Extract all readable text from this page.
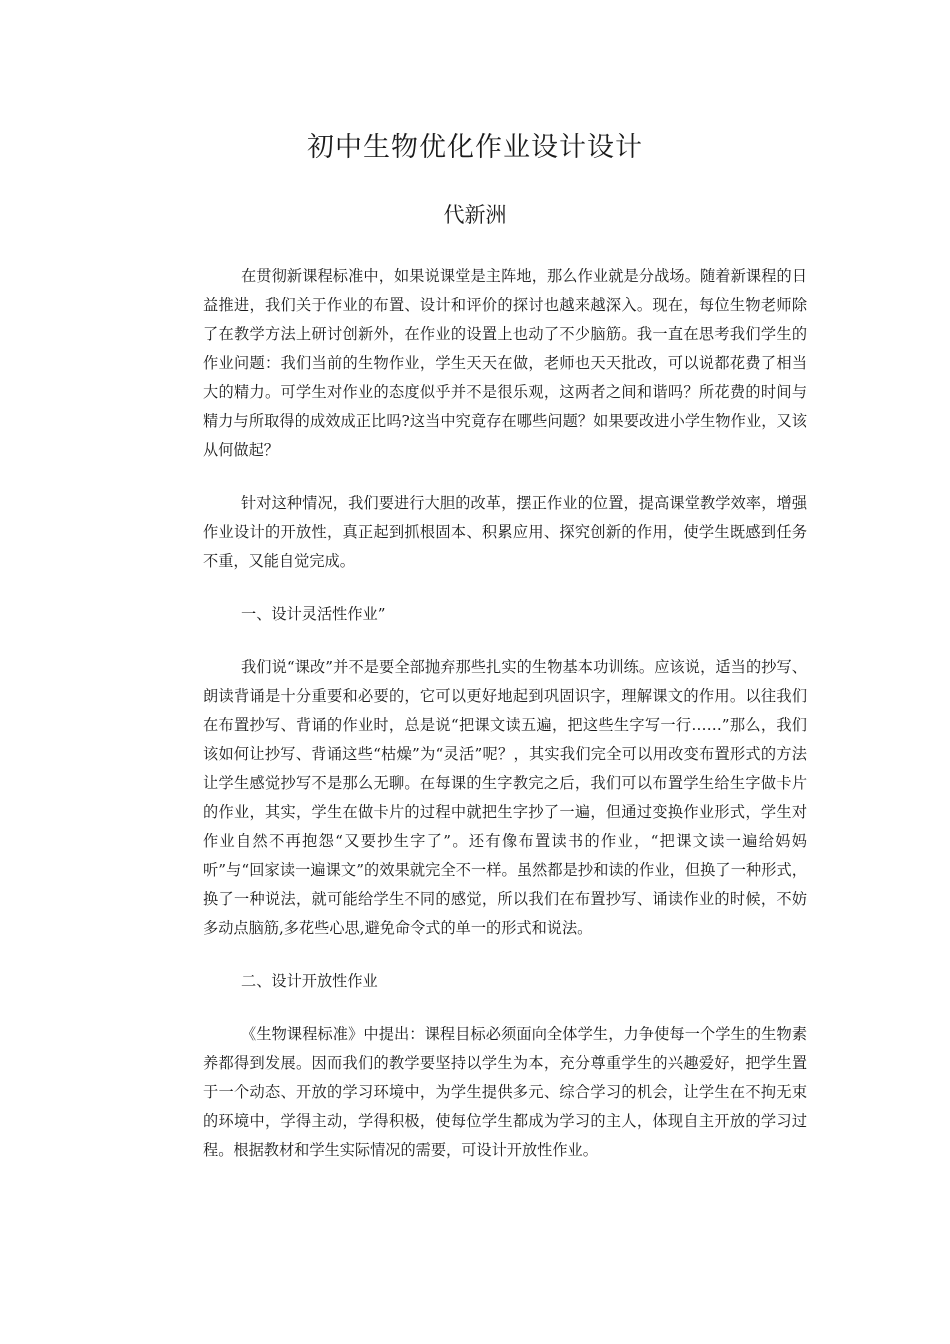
初中生物优化作业设计设计
代新洲

在贯彻新课程标准中，如果说课堂是主阵地，那么作业就是分战场。随着新课程的日益推进，我们关于作业的布置、设计和评价的探讨也越来越深入。现在，每位生物老师除了在教学方法上研讨创新外，在作业的设置上也动了不少脑筋。我一直在思考我们学生的作业问题：我们当前的生物作业，学生天天在做，老师也天天批改，可以说都花费了相当大的精力。可学生对作业的态度似乎并不是很乐观，这两者之间和谐吗？所花费的时间与精力与所取得的成效成正比吗?这当中究竟存在哪些问题？如果要改进小学生物作业，又该从何做起？

针对这种情况，我们要进行大胆的改革，摆正作业的位置，提高课堂教学效率，增强作业设计的开放性，真正起到抓根固本、积累应用、探究创新的作用，使学生既感到任务不重，又能自觉完成。

一、设计灵活性作业”

我们说“课改”并不是要全部抛弃那些扎实的生物基本功训练。应该说，适当的抄写、朗读背诵是十分重要和必要的，它可以更好地起到巩固识字，理解课文的作用。以往我们在布置抄写、背诵的作业时，总是说“把课文读五遍，把这些生字写一行……”那么，我们该如何让抄写、背诵这些“枯燥”为“灵活”呢？，其实我们完全可以用改变布置形式的方法让学生感觉抄写不是那么无聊。在每课的生字教完之后，我们可以布置学生给生字做卡片的作业，其实，学生在做卡片的过程中就把生字抄了一遍，但通过变换作业形式，学生对作业自然不再抱怨“又要抄生字了”。还有像布置读书的作业，“把课文读一遍给妈妈听”与“回家读一遍课文”的效果就完全不一样。虽然都是抄和读的作业，但换了一种形式，换了一种说法，就可能给学生不同的感觉，所以我们在布置抄写、诵读作业的时候，不妨多动点脑筋,多花些心思,避免命令式的单一的形式和说法。

二、设计开放性作业

《生物课程标准》中提出：课程目标必须面向全体学生，力争使每一个学生的生物素养都得到发展。因而我们的教学要坚持以学生为本，充分尊重学生的兴趣爱好，把学生置于一个动态、开放的学习环境中，为学生提供多元、综合学习的机会，让学生在不拘无束的环境中，学得主动，学得积极，使每位学生都成为学习的主人，体现自主开放的学习过程。根据教材和学生实际情况的需要，可设计开放性作业。
